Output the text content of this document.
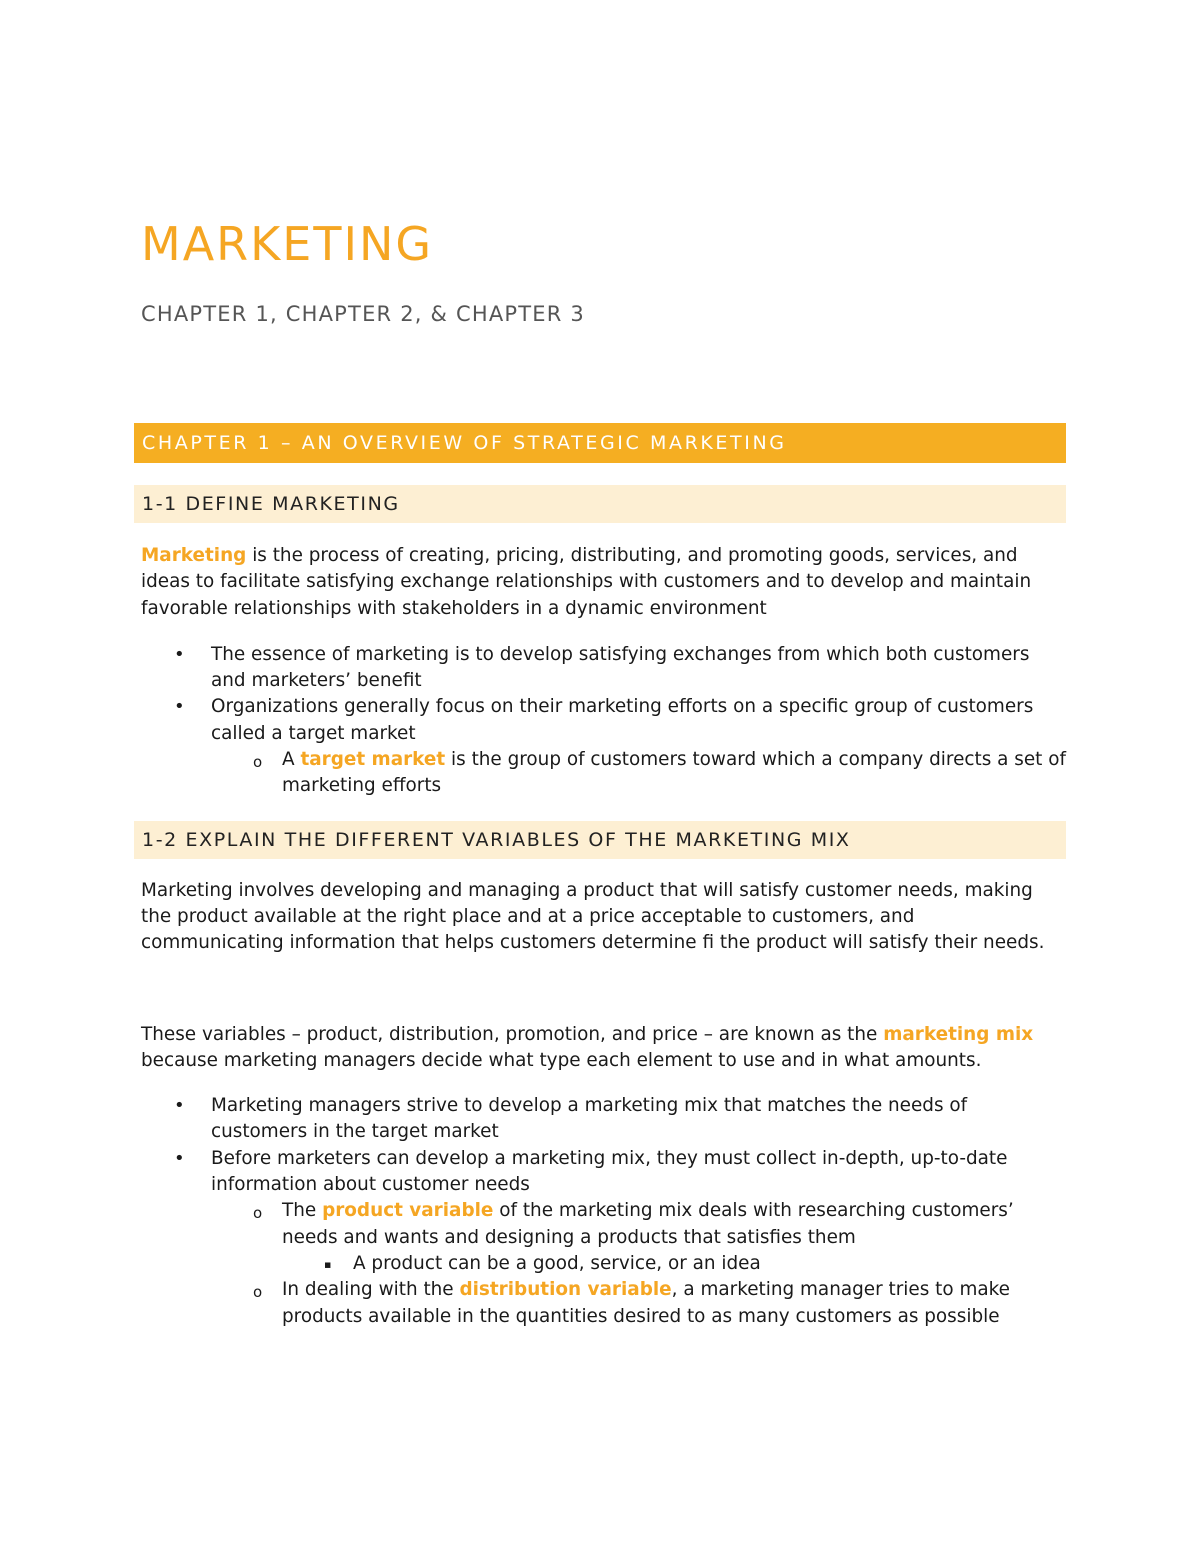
MARKETING
CHAPTER 1, CHAPTER 2, & CHAPTER 3
CHAPTER 1 – AN OVERVIEW OF STRATEGIC MARKETING
1-1 DEFINE MARKETING

Marketing is the process of creating, pricing, distributing, and promoting goods, services, and ideas to facilitate satisfying exchange relationships with customers and to develop and maintain favorable relationships with stakeholders in a dynamic environment

• The essence of marketing is to develop satisfying exchanges from which both customers and marketers’ benefit
• Organizations generally focus on their marketing efforts on a specific group of customers called a target market
o A target market is the group of customers toward which a company directs a set of marketing efforts
1-2 EXPLAIN THE DIFFERENT VARIABLES OF THE MARKETING MIX

Marketing involves developing and managing a product that will satisfy customer needs, making the product available at the right place and at a price acceptable to customers, and communicating information that helps customers determine fi the product will satisfy their needs.

These variables – product, distribution, promotion, and price – are known as the marketing mix because marketing managers decide what type each element to use and in what amounts.

• Marketing managers strive to develop a marketing mix that matches the needs of customers in the target market
• Before marketers can develop a marketing mix, they must collect in-depth, up-to-date information about customer needs
o The product variable of the marketing mix deals with researching customers’ needs and wants and designing a products that satisfies them
▪ A product can be a good, service, or an idea
o In dealing with the distribution variable, a marketing manager tries to make products available in the quantities desired to as many customers as possible
